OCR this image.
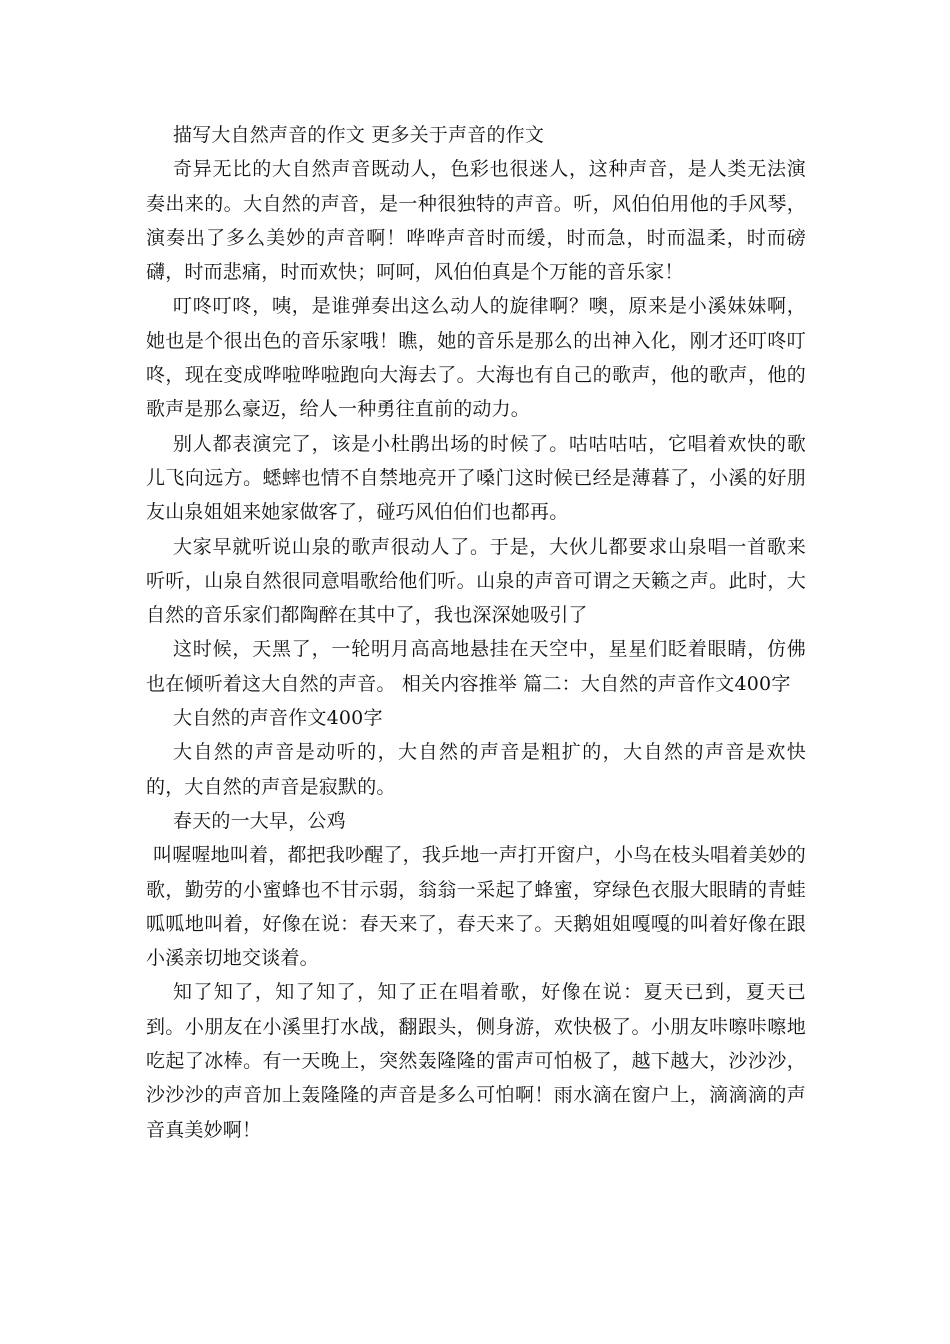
描写大自然声音的作文 更多关于声音的作文

奇异无比的大自然声音既动人，色彩也很迷人，这种声音，是人类无法演奏出来的。大自然的声音，是一种很独特的声音。听，风伯伯用他的手风琴，演奏出了多么美妙的声音啊！哗哗声音时而缓，时而急，时而温柔，时而磅礴，时而悲痛，时而欢快；呵呵，风伯伯真是个万能的音乐家！

叮咚叮咚，咦，是谁弹奏出这么动人的旋律啊？噢，原来是小溪妹妹啊，她也是个很出色的音乐家哦！瞧，她的音乐是那么的出神入化，刚才还叮咚叮咚，现在变成哗啦哗啦跑向大海去了。大海也有自己的歌声，他的歌声，他的歌声是那么豪迈，给人一种勇往直前的动力。

别人都表演完了，该是小杜鹃出场的时候了。咕咕咕咕，它唱着欢快的歌儿飞向远方。蟋蟀也情不自禁地亮开了嗓门这时候已经是薄暮了，小溪的好朋友山泉姐姐来她家做客了，碰巧风伯伯们也都再。

大家早就听说山泉的歌声很动人了。于是，大伙儿都要求山泉唱一首歌来听听，山泉自然很同意唱歌给他们听。山泉的声音可谓之天籁之声。此时，大自然的音乐家们都陶醉在其中了，我也深深她吸引了

这时候，天黑了，一轮明月高高地悬挂在天空中，星星们眨着眼睛，仿佛也在倾听着这大自然的声音。 相关内容推举 篇二：大自然的声音作文400字

大自然的声音作文400字

大自然的声音是动听的，大自然的声音是粗扩的，大自然的声音是欢快的，大自然的声音是寂默的。

春天的一大早，公鸡

叫喔喔地叫着，都把我吵醒了，我乒地一声打开窗户，小鸟在枝头唱着美妙的歌，勤劳的小蜜蜂也不甘示弱，翁翁一采起了蜂蜜，穿绿色衣服大眼睛的青蛙呱呱地叫着，好像在说：春天来了，春天来了。天鹅姐姐嘎嘎的叫着好像在跟小溪亲切地交谈着。

知了知了，知了知了，知了正在唱着歌，好像在说：夏天已到，夏天已到。小朋友在小溪里打水战，翻跟头，侧身游，欢快极了。小朋友咔嚓咔嚓地吃起了冰棒。有一天晚上，突然轰隆隆的雷声可怕极了，越下越大，沙沙沙，沙沙沙的声音加上轰隆隆的声音是多么可怕啊！雨水滴在窗户上，滴滴滴的声音真美妙啊！
